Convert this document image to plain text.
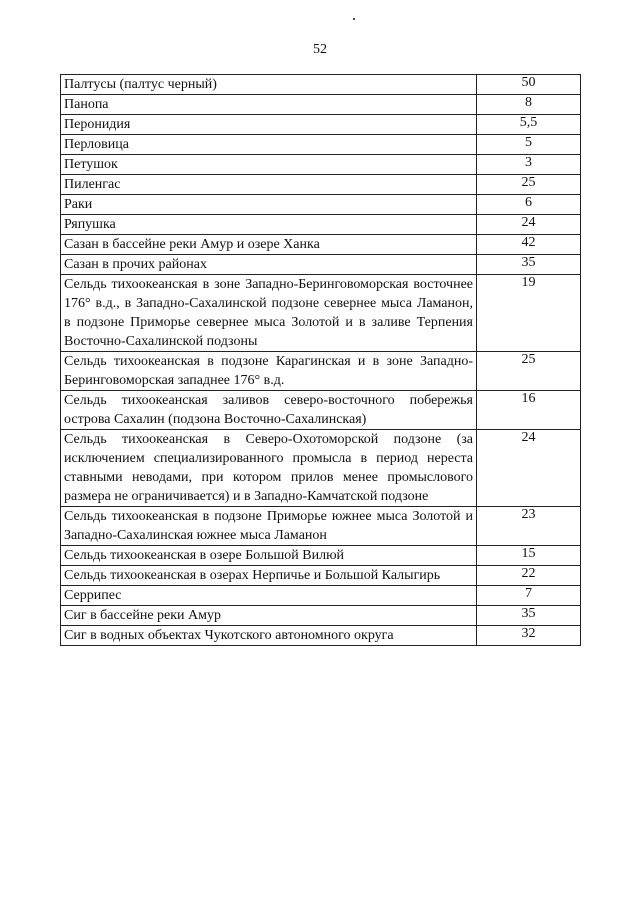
52
Палтусы (палтус черный)	50
Панопа	8
Перонидия	5,5
Перловица	5
Петушок	3
Пиленгас	25
Раки	6
Ряпушка	24
Сазан в бассейне реки Амур и озере Ханка	42
Сазан в прочих районах	35
Сельдь тихоокеанская в зоне Западно-Беринговоморская восточнее 176° в.д., в Западно-Сахалинской подзоне севернее мыса Ламанон, в подзоне Приморье севернее мыса Золотой и в заливе Терпения Восточно-Сахалинской подзоны	19
Сельдь тихоокеанская в подзоне Карагинская и в зоне Западно-Беринговоморская западнее 176° в.д.	25
Сельдь тихоокеанская заливов северо-восточного побережья острова Сахалин (подзона Восточно-Сахалинская)	16
Сельдь тихоокеанская в Северо-Охотоморской подзоне (за исключением специализированного промысла в период нереста ставными неводами, при котором прилов менее промыслового размера не ограничивается) и в Западно-Камчатской подзоне	24
Сельдь тихоокеанская в подзоне Приморье южнее мыса Золотой и Западно-Сахалинская южнее мыса Ламанон	23
Сельдь тихоокеанская в озере Большой Вилюй	15
Сельдь тихоокеанская в озерах Нерпичье и Большой Калыгирь	22
Серрипес	7
Сиг в бассейне реки Амур	35
Сиг в водных объектах Чукотского автономного округа	32
